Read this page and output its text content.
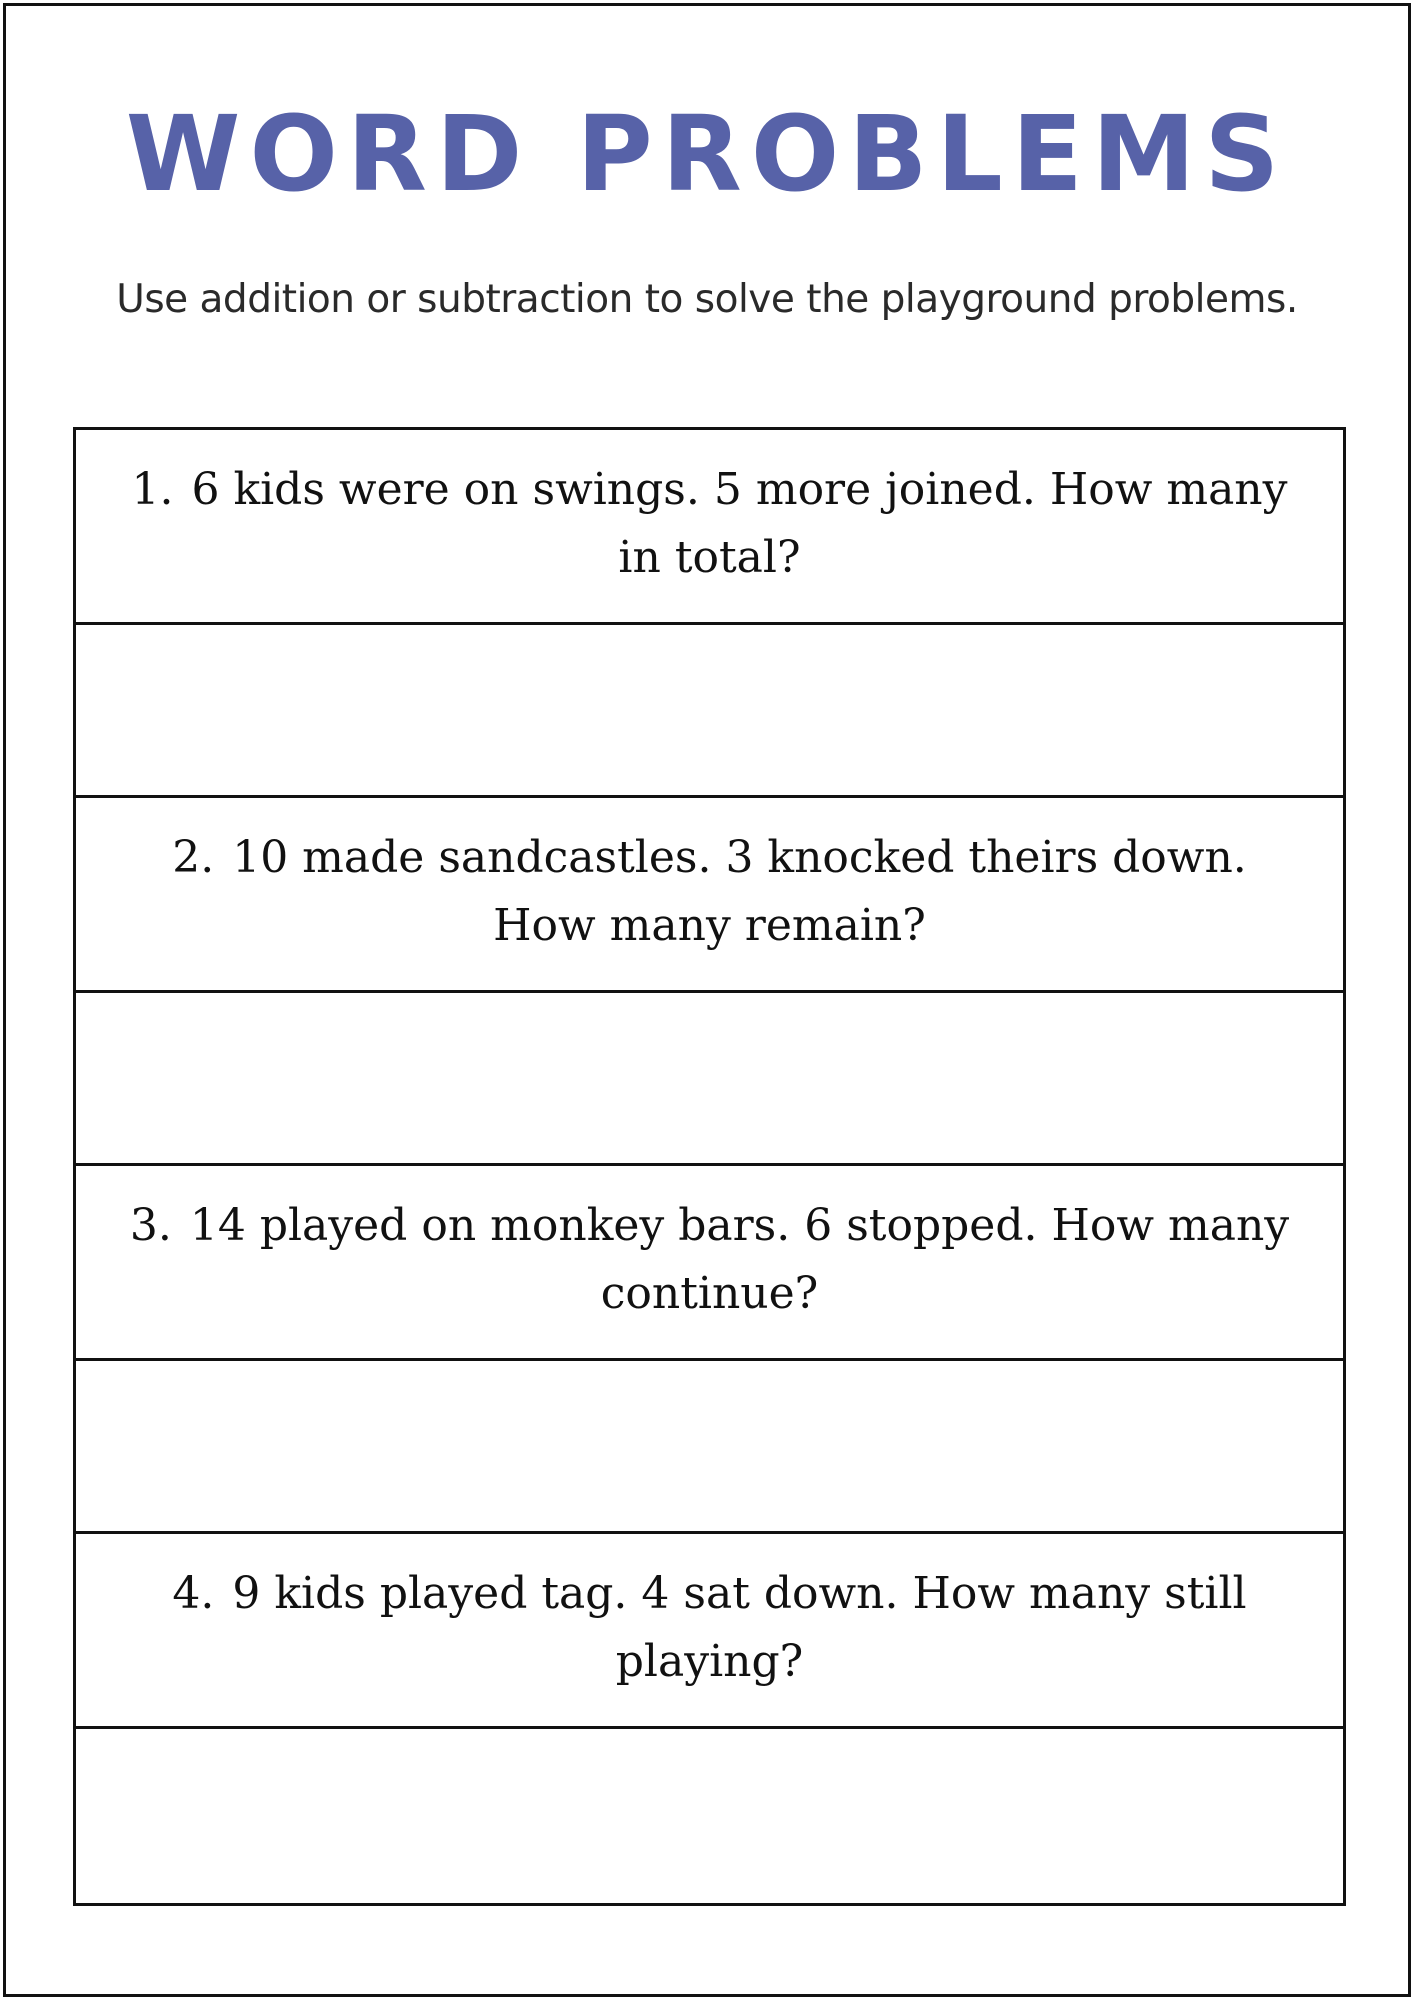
WORD PROBLEMS
Use addition or subtraction to solve the playground problems.
1. 6 kids were on swings. 5 more joined. How many in total?
2. 10 made sandcastles. 3 knocked theirs down. How many remain?
3. 14 played on monkey bars. 6 stopped. How many continue?
4. 9 kids played tag. 4 sat down. How many still playing?
